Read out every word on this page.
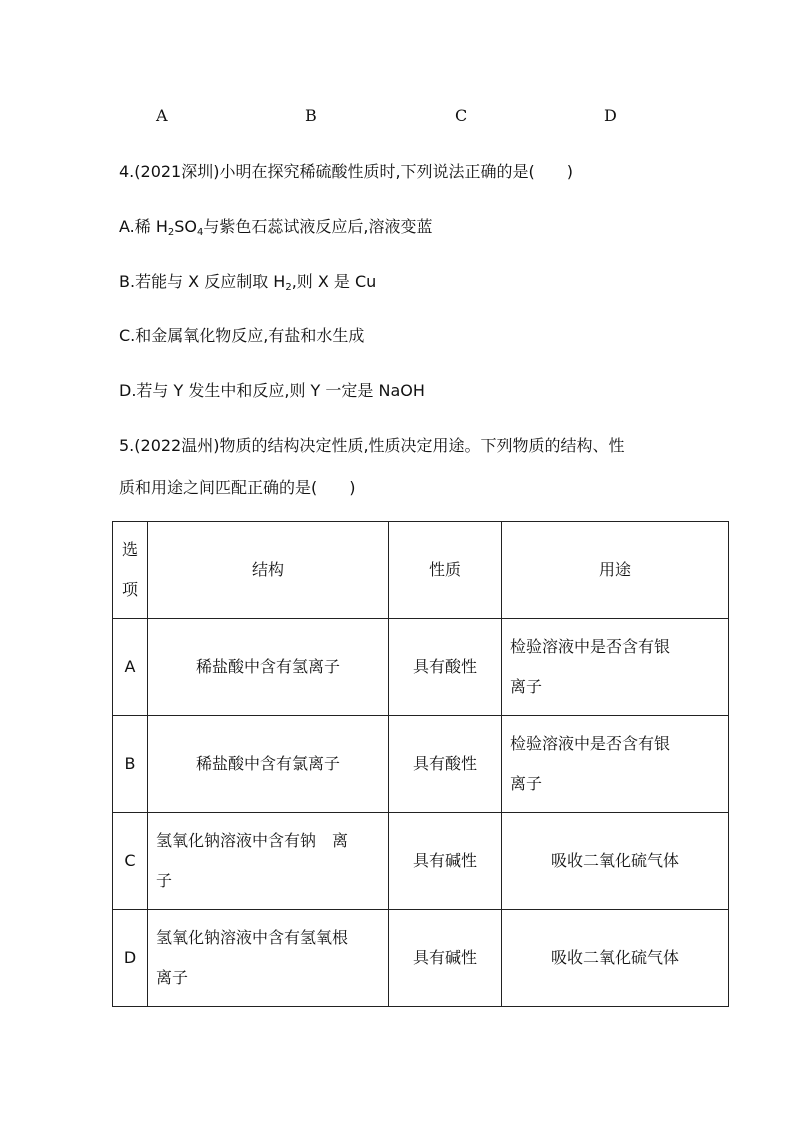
A	B	C	D
4.(2021深圳)小明在探究稀硫酸性质时,下列说法正确的是(　　)
A.稀 $H_2SO_4$与紫色石蕊试液反应后,溶液变蓝
B.若能与 X 反应制取 $H_2$,则 X 是 Cu
C.和金属氧化物反应,有盐和水生成
D.若与 Y 发生中和反应,则 Y 一定是 NaOH
5.(2022温州)物质的结构决定性质,性质决定用途。下列物质的结构、性
质和用途之间匹配正确的是(　　)
选
项	结构	性质	用途
A	稀盐酸中含有氢离子	具有酸性	检验溶液中是否含有银
离子

B	稀盐酸中含有氯离子	具有酸性	检验溶液中是否含有银
离子

C	氢氧化钠溶液中含有钠　离
子	具有碱性	吸收二氧化硫气体
D	氢氧化钠溶液中含有氢氧根
离子	具有碱性	吸收二氧化硫气体
